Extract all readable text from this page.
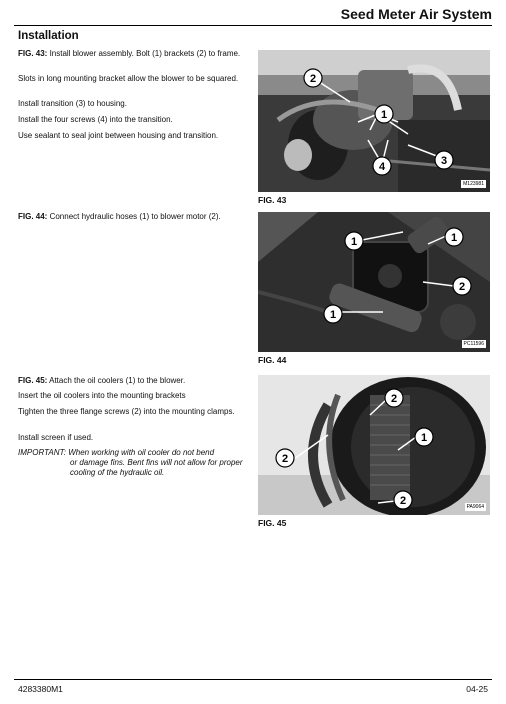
Seed Meter Air System
Installation

FIG. 43: Install blower assembly. Bolt (1) brackets (2) to frame.

Slots in long mounting bracket allow the blower to be squared.

Install transition (3) to housing.

Install the four screws (4) into the transition.

Use sealant to seal joint between housing and transition.

2
1
4	3
M123981
FIG. 43

FIG. 44: Connect hydraulic hoses (1) to blower motor (2).

1	1
2
1
PC11596
FIG. 44

FIG. 45: Attach the oil coolers (1) to the blower.

Insert the oil coolers into the mounting brackets

Tighten the three flange screws (2) into the mounting clamps.

Install screen if used.

IMPORTANT: When working with oil cooler do not bend
or damage fins. Bent fins will not allow for proper
cooling of the hydraulic oil.
2
1
2
2	PA9064
FIG. 45
4283380M1	04-25
